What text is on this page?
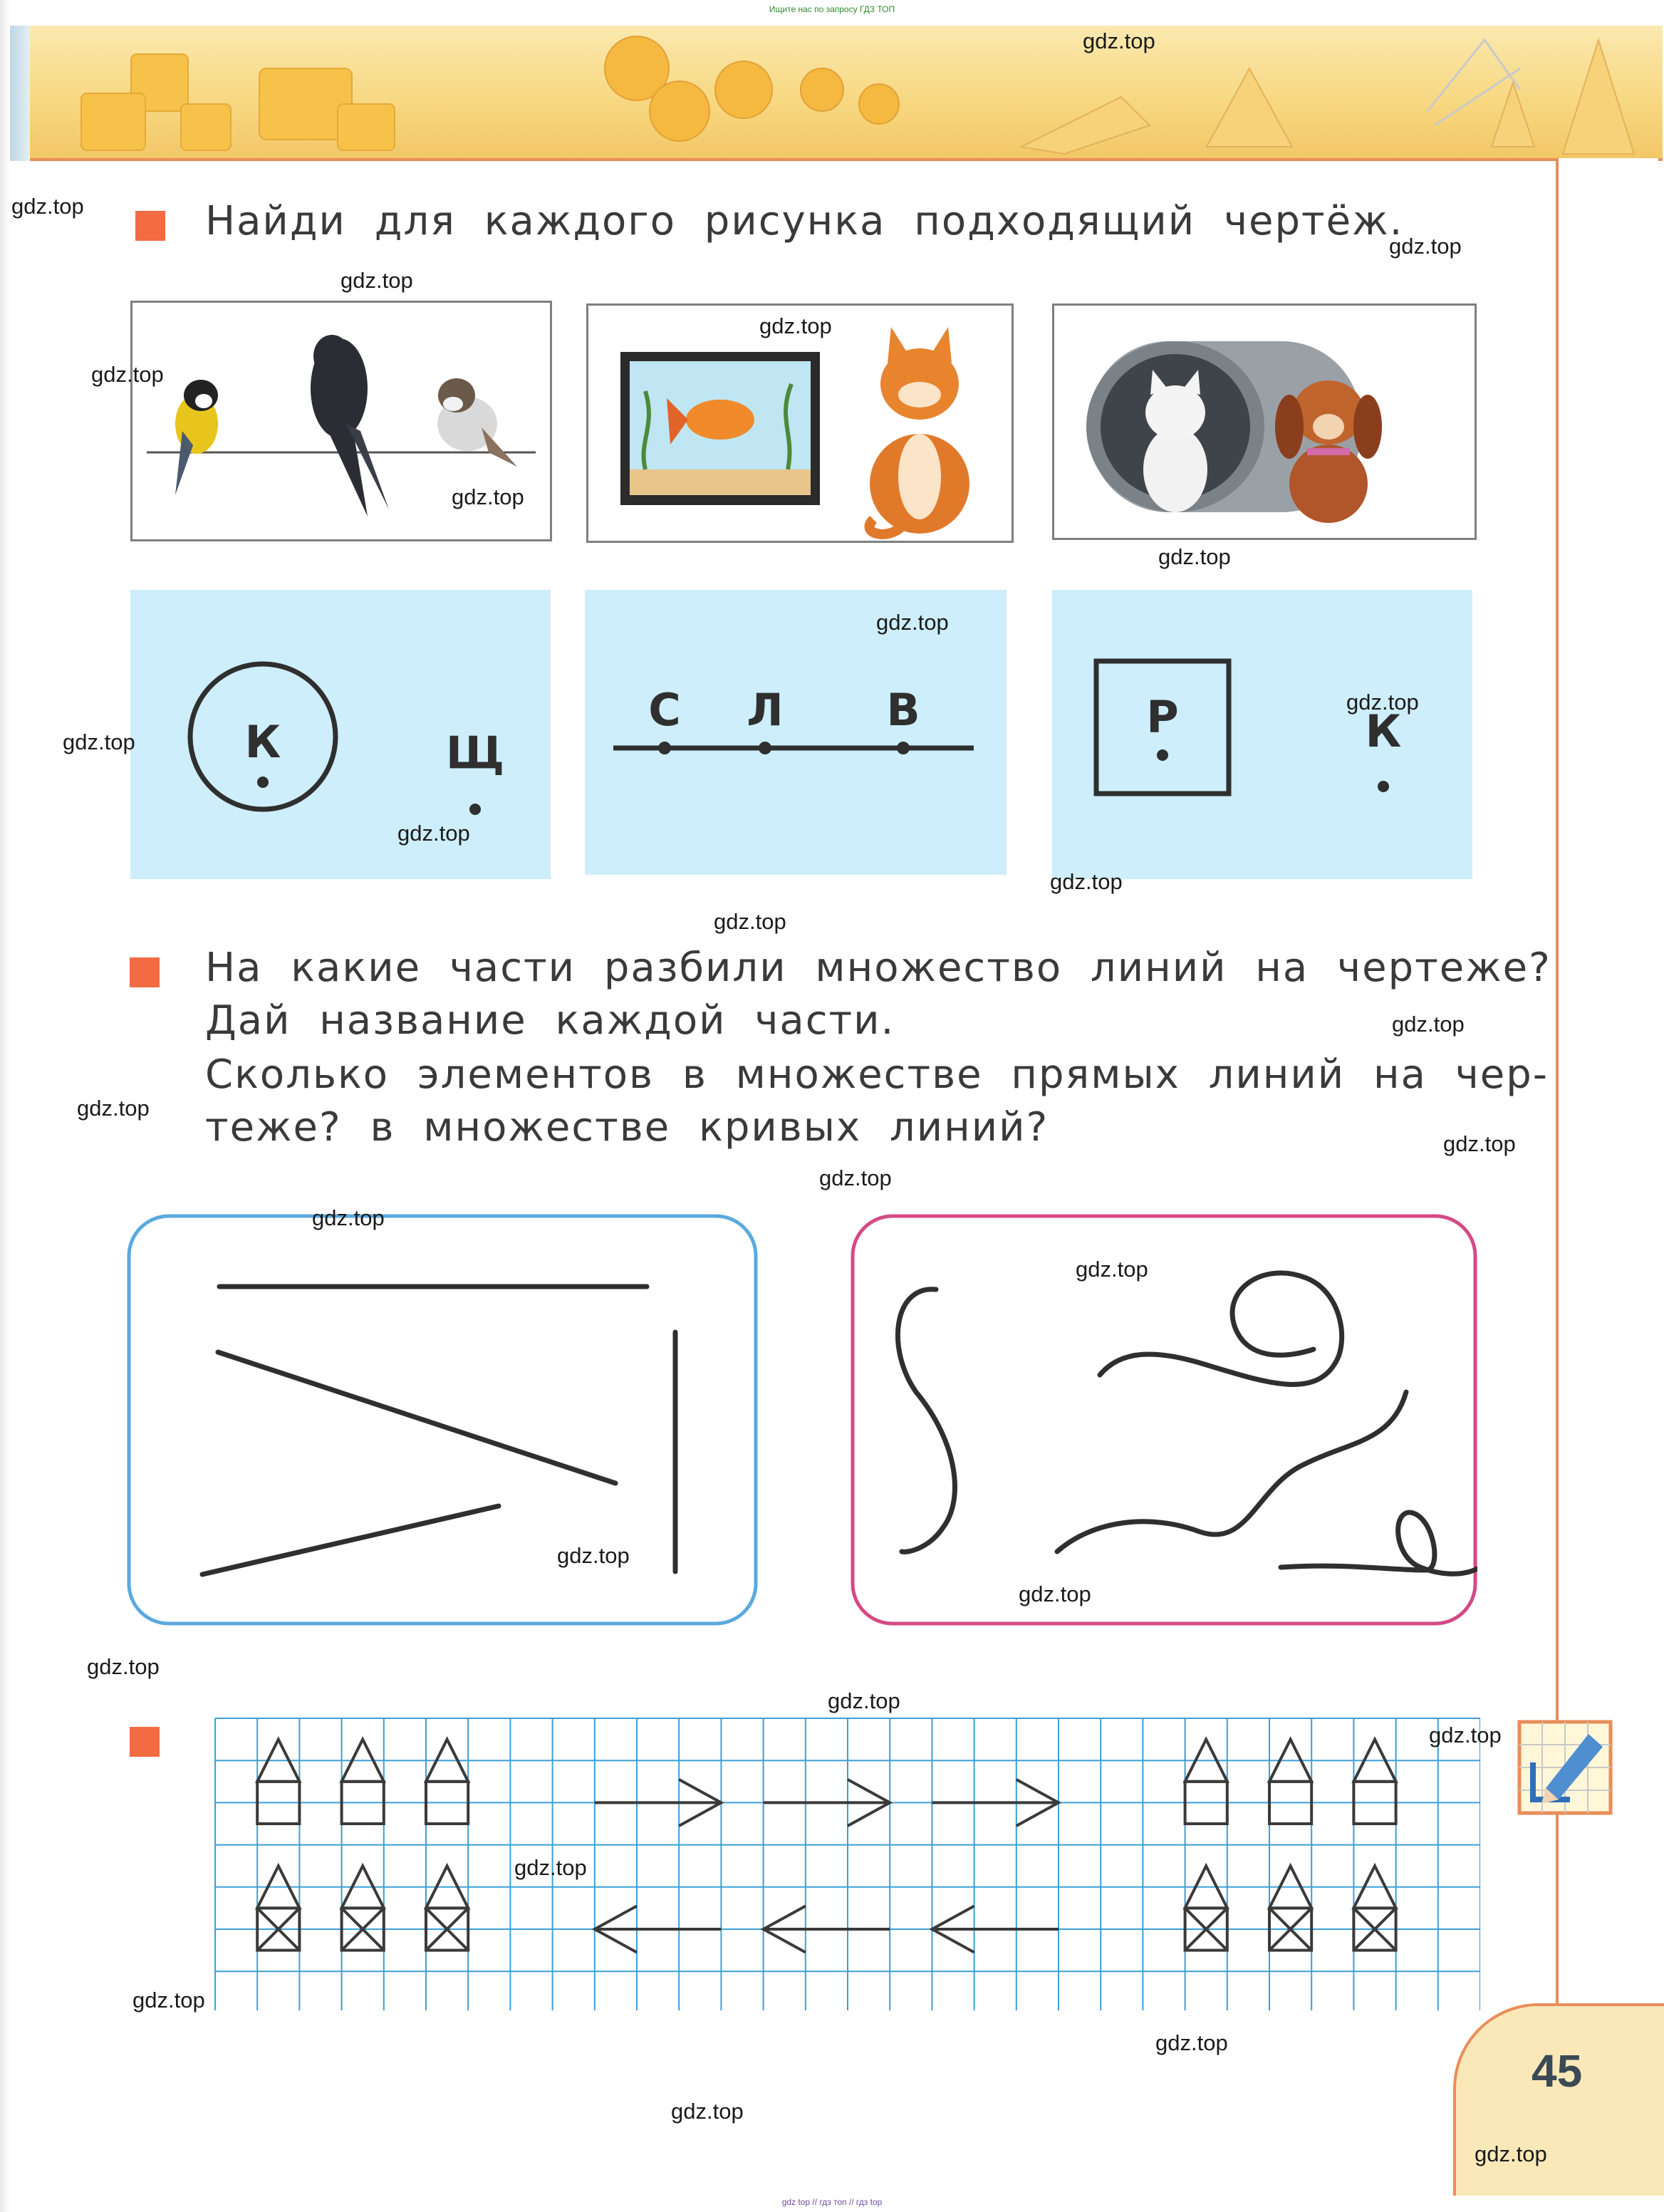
Ищите нас по запросу ГДЗ ТОП
Найди для каждого рисунка подходящий чертёж.
К	Щ
С Л В	Р	К
На какие части разбили множество линий на чертеже?
Дай название каждой части.
Сколько элементов в множестве прямых линий на чер-
теже? в множестве кривых линий?
45
gdz.top
gdz.top
gdz.top
gdz.top
gdz.top
gdz.top
gdz.top
gdz.top
gdz.top
gdz.top
gdz.top
gdz.top
gdz.top
gdz.top
gdz.top
gdz.top
gdz.top
gdz.top
gdz.top
gdz.top
gdz.top
gdz.top
gdz.top
gdz.top
gdz.top
gdz.top
gdz.top
gdz.top
gdz.top
gdz.top
gdz top // гдз топ // гдз top
